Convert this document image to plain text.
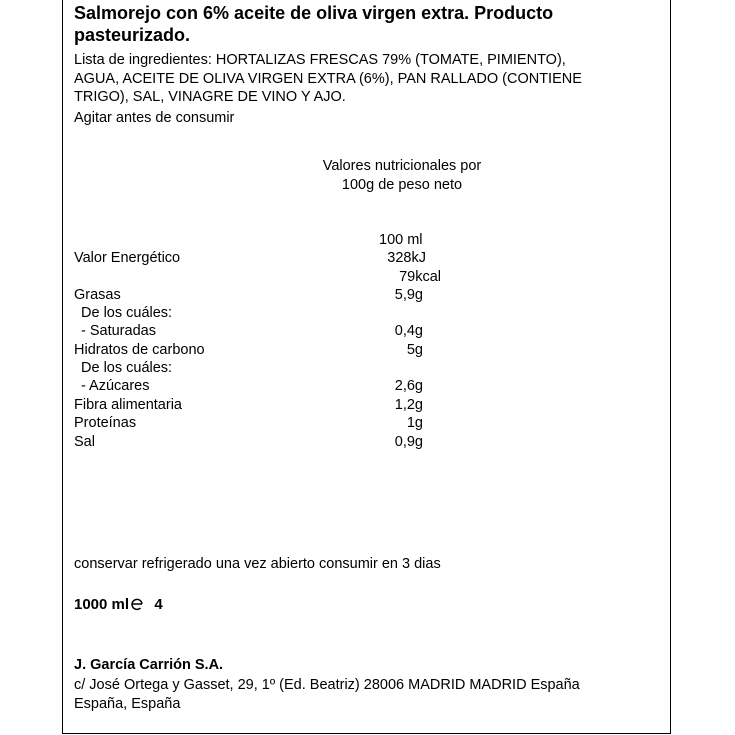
Salmorejo con 6% aceite de oliva virgen extra. Producto
pasteurizado.
Lista de ingredientes: HORTALIZAS FRESCAS 79% (TOMATE, PIMIENTO),
AGUA, ACEITE DE OLIVA VIRGEN EXTRA (6%), PAN RALLADO (CONTIENE
TRIGO), SAL, VINAGRE DE VINO Y AJO.
Agitar antes de consumir
Valores nutricionales por
100g de peso neto
100 ml
Valor Energético	328kJ
79kcal
Grasas	5,9g
De los cuáles:
- Saturadas	0,4g
Hidratos de carbono	5g
De los cuáles:
- Azúcares	2,6g
Fibra alimentaria	1,2g
Proteínas	1g
Sal	0,9g
conservar refrigerado una vez abierto consumir en 3 dias
1000 ml 4
J. García Carrión S.A.
c/ José Ortega y Gasset, 29, 1º (Ed. Beatriz) 28006 MADRID MADRID España
España, España
